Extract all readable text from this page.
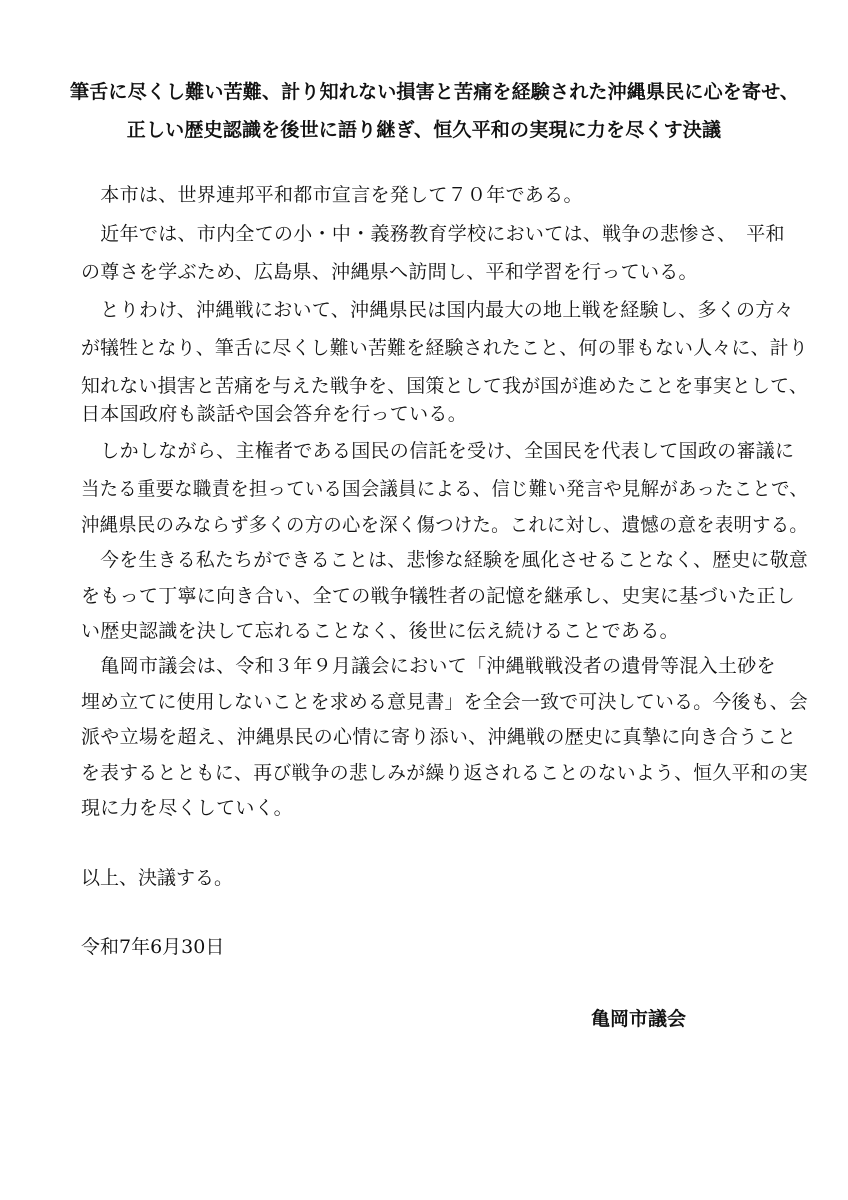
筆舌に尽くし難い苦難、計り知れない損害と苦痛を経験された沖縄県民に心を寄せ、
正しい歴史認識を後世に語り継ぎ、恒久平和の実現に力を尽くす決議
　本市は、世界連邦平和都市宣言を発して７０年である。
　近年では、市内全ての小・中・義務教育学校においては、戦争の悲惨さ、　平和
の尊さを学ぶため、広島県、沖縄県へ訪問し、平和学習を行っている。
　とりわけ、沖縄戦において、沖縄県民は国内最大の地上戦を経験し、多くの方々
が犠牲となり、筆舌に尽くし難い苦難を経験されたこと、何の罪もない人々に、計り
知れない損害と苦痛を与えた戦争を、国策として我が国が進めたことを事実として、
日本国政府も談話や国会答弁を行っている。
　しかしながら、主権者である国民の信託を受け、全国民を代表して国政の審議に
当たる重要な職責を担っている国会議員による、信じ難い発言や見解があったことで、
沖縄県民のみならず多くの方の心を深く傷つけた。これに対し、遺憾の意を表明する。
　今を生きる私たちができることは、悲惨な経験を風化させることなく、歴史に敬意
をもって丁寧に向き合い、全ての戦争犠牲者の記憶を継承し、史実に基づいた正し
い歴史認識を決して忘れることなく、後世に伝え続けることである。
　亀岡市議会は、令和３年９月議会において「沖縄戦戦没者の遺骨等混入土砂を
埋め立てに使用しないことを求める意見書」を全会一致で可決している。今後も、会
派や立場を超え、沖縄県民の心情に寄り添い、沖縄戦の歴史に真摯に向き合うこと
を表するとともに、再び戦争の悲しみが繰り返されることのないよう、恒久平和の実
現に力を尽くしていく。
以上、決議する。
令和7年6月30日
亀岡市議会
